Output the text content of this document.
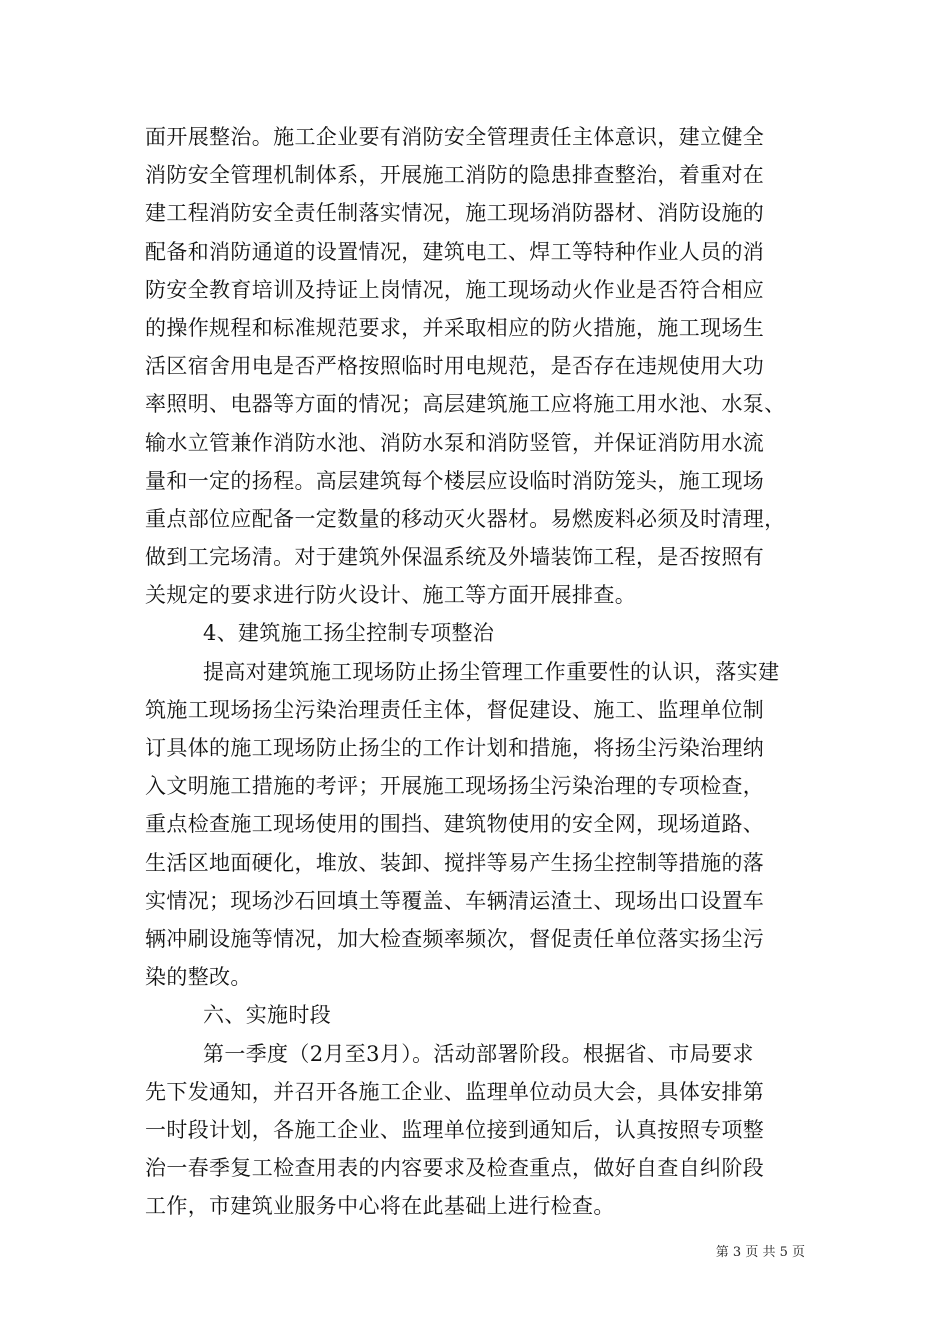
面开展整治。施工企业要有消防安全管理责任主体意识，建立健全
消防安全管理机制体系，开展施工消防的隐患排查整治，着重对在
建工程消防安全责任制落实情况，施工现场消防器材、消防设施的
配备和消防通道的设置情况，建筑电工、焊工等特种作业人员的消
防安全教育培训及持证上岗情况，施工现场动火作业是否符合相应
的操作规程和标准规范要求，并采取相应的防火措施，施工现场生
活区宿舍用电是否严格按照临时用电规范，是否存在违规使用大功
率照明、电器等方面的情况；高层建筑施工应将施工用水池、水泵、
输水立管兼作消防水池、消防水泵和消防竖管，并保证消防用水流
量和一定的扬程。高层建筑每个楼层应设临时消防笼头，施工现场
重点部位应配备一定数量的移动灭火器材。易燃废料必须及时清理，
做到工完场清。对于建筑外保温系统及外墙装饰工程，是否按照有
关规定的要求进行防火设计、施工等方面开展排查。
4、建筑施工扬尘控制专项整治
提高对建筑施工现场防止扬尘管理工作重要性的认识，落实建
筑施工现场扬尘污染治理责任主体，督促建设、施工、监理单位制
订具体的施工现场防止扬尘的工作计划和措施，将扬尘污染治理纳
入文明施工措施的考评；开展施工现场扬尘污染治理的专项检查，
重点检查施工现场使用的围挡、建筑物使用的安全网，现场道路、
生活区地面硬化，堆放、装卸、搅拌等易产生扬尘控制等措施的落
实情况；现场沙石回填土等覆盖、车辆清运渣土、现场出口设置车
辆冲刷设施等情况，加大检查频率频次，督促责任单位落实扬尘污
染的整改。
六、实施时段
第一季度（2月至3月）。活动部署阶段。根据省、市局要求
先下发通知，并召开各施工企业、监理单位动员大会，具体安排第
一时段计划，各施工企业、监理单位接到通知后，认真按照专项整
治一春季复工检查用表的内容要求及检查重点，做好自查自纠阶段
工作，市建筑业服务中心将在此基础上进行检查。
第 3 页 共 5 页
